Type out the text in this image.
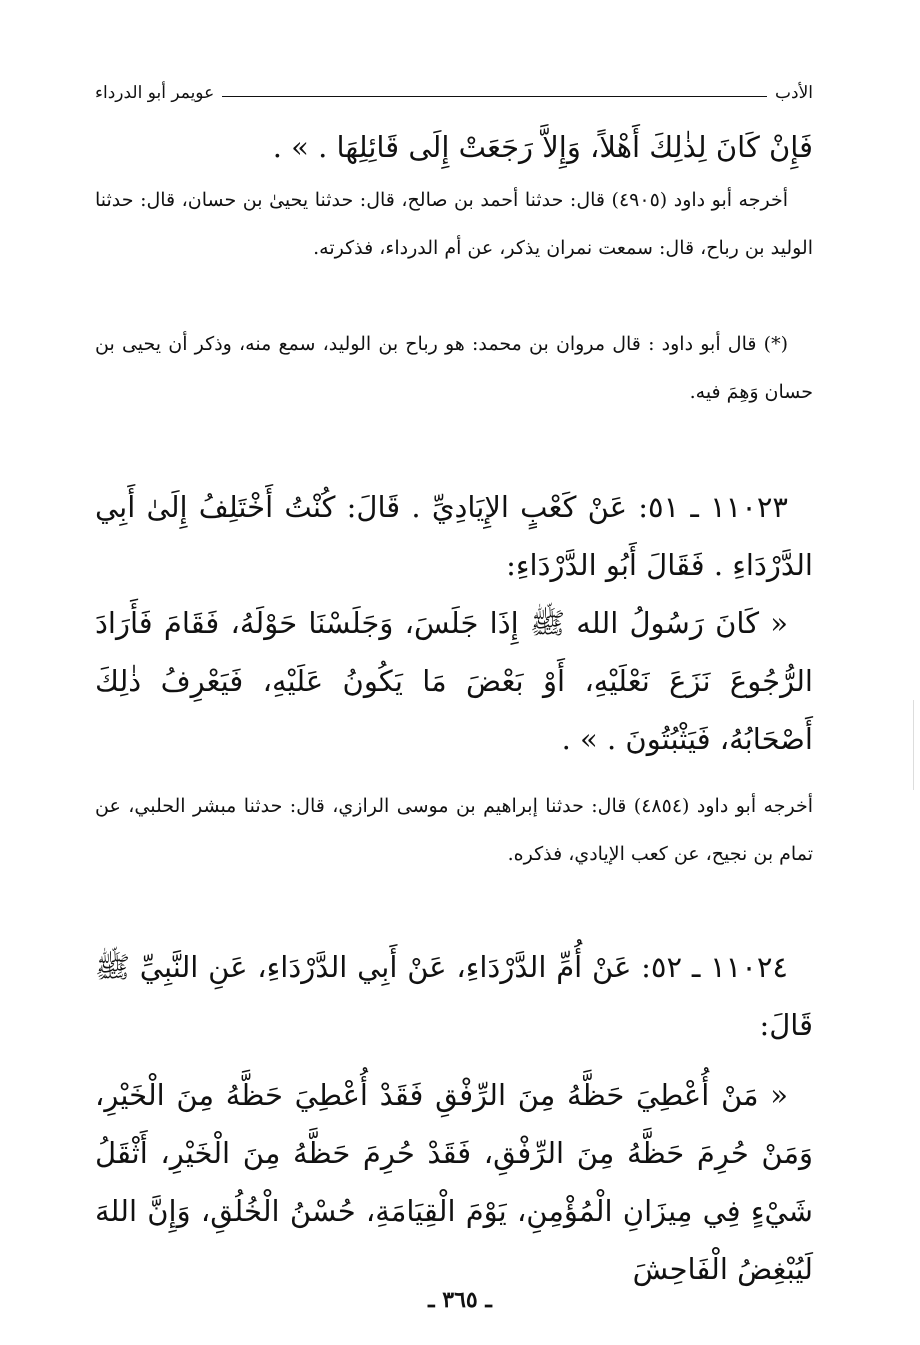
الأدب
عويمر أبو الدرداء

فَإِنْ كَانَ لِذٰلِكَ أَهْلاً، وَإِلاَّ رَجَعَتْ إِلَى قَائِلِهَا . » .

أخرجه أبو داود (٤٩٠٥) قال: حدثنا أحمد بن صالح، قال: حدثنا يحيىٰ بن حسان، قال: حدثنا الوليد بن رباح، قال: سمعت نمران يذكر، عن أم الدرداء، فذكرته.

(*) قال أبو داود : قال مروان بن محمد: هو رباح بن الوليد، سمع منه، وذكر أن يحيى بن حسان وَهِمَ فيه.

١١٠٢٣ ـ ٥١: عَنْ كَعْبٍ الإِيَادِيِّ . قَالَ: كُنْتُ أَخْتَلِفُ إِلَىٰ أَبِي الدَّرْدَاءِ . فَقَالَ أَبُو الدَّرْدَاءِ:

« كَانَ رَسُولُ الله ﷺ إِذَا جَلَسَ، وَجَلَسْنَا حَوْلَهُ، فَقَامَ فَأَرَادَ الرُّجُوعَ نَزَعَ نَعْلَيْهِ، أَوْ بَعْضَ مَا يَكُونُ عَلَيْهِ، فَيَعْرِفُ ذٰلِكَ أَصْحَابُهُ، فَيَثْبُتُونَ . » .

أخرجه أبو داود (٤٨٥٤) قال: حدثنا إبراهيم بن موسى الرازي، قال: حدثنا مبشر الحلبي، عن تمام بن نجيح، عن كعب الإيادي، فذكره.

١١٠٢٤ ـ ٥٢: عَنْ أُمِّ الدَّرْدَاءِ، عَنْ أَبِي الدَّرْدَاءِ، عَنِ النَّبِيِّ ﷺ قَالَ:

« مَنْ أُعْطِيَ حَظَّهُ مِنَ الرِّفْقِ فَقَدْ أُعْطِيَ حَظَّهُ مِنَ الْخَيْرِ، وَمَنْ حُرِمَ حَظَّهُ مِنَ الرِّفْقِ، فَقَدْ حُرِمَ حَظَّهُ مِنَ الْخَيْرِ، أَثْقَلُ شَيْءٍ فِي مِيزَانِ الْمُؤْمِنِ، يَوْمَ الْقِيَامَةِ، حُسْنُ الْخُلُقِ، وَإِنَّ اللهَ لَيُبْغِضُ الْفَاحِشَ

ـ ٣٦٥ ـ
